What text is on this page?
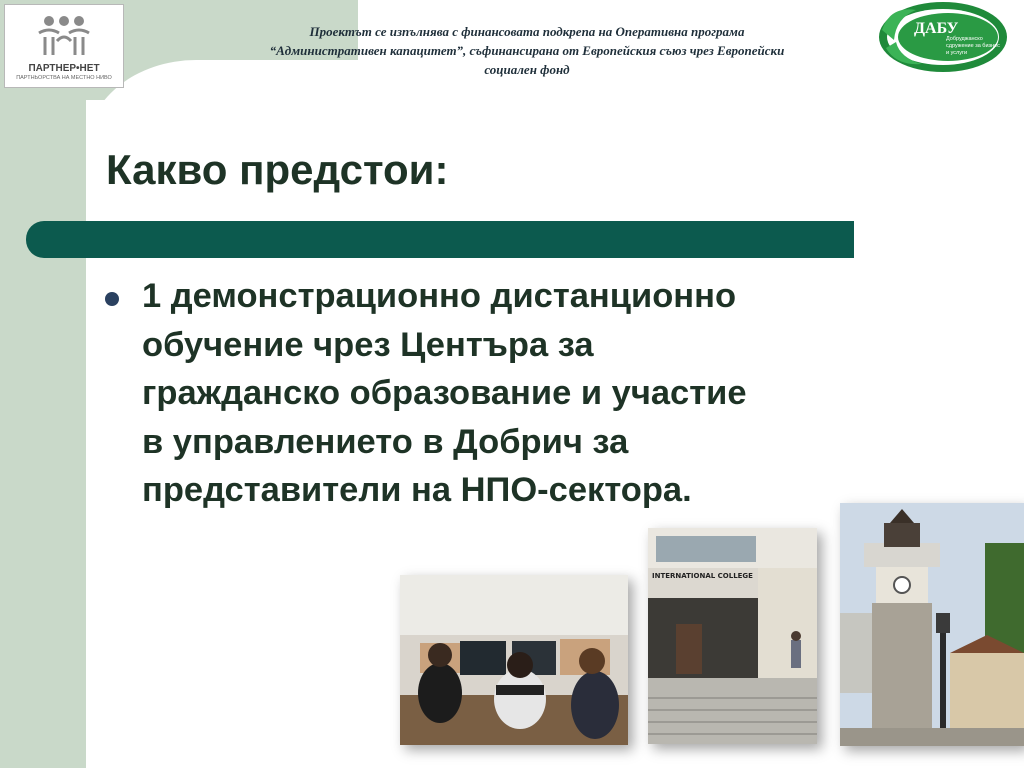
ПАРТНЕР•НЕТ
ПАРТНЬОРСТВА НА МЕСТНО НИВО
Проектът се изпълнява с финансовата подкрепа на Оперативна програма
“Административен капацитет”, съфинансирана от Европейския съюз чрез Европейски
социален фонд
ДАБУ
Добруджанско сдружение за бизнес и услуги
Какво предстои:
1 демонстрационно дистанционно обучение чрез Центъра за гражданско образование и участие в управлението в Добрич за представители на НПО-сектора.
INTERNATIONAL COLLEGE
